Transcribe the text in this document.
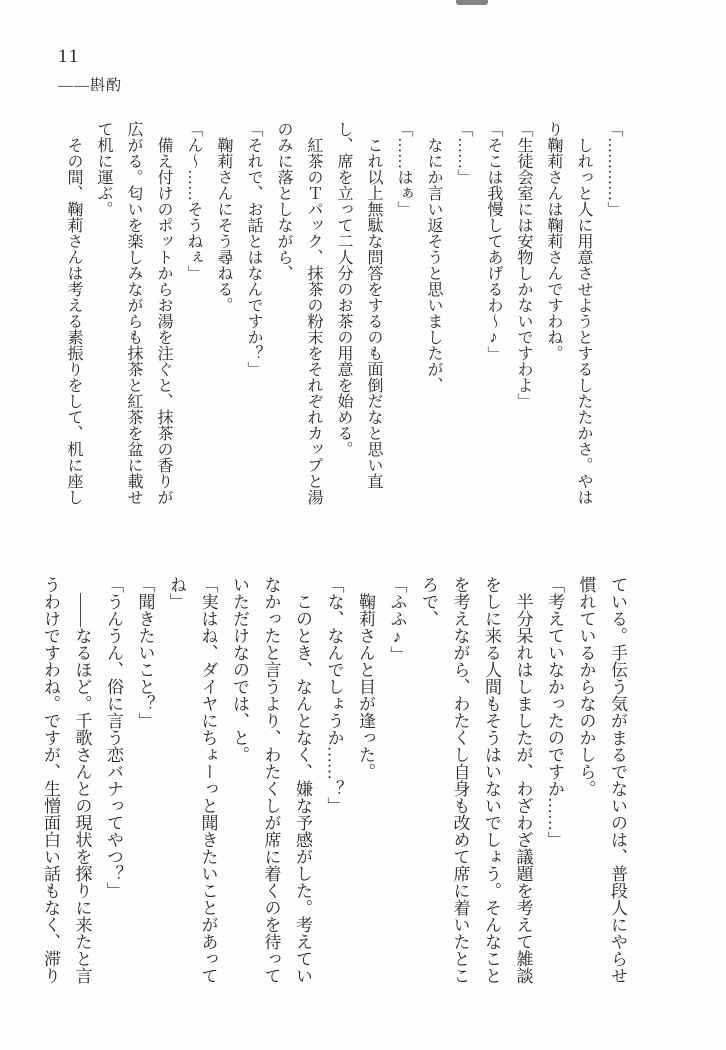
11
――斟酌

「…………」

しれっと人に用意させようとするしたたかさ。やはり鞠莉さんは鞠莉さんですわね。

「生徒会室には安物しかないですわよ」

「そこは我慢してあげるわ～♪」

「……」

なにか言い返そうと思いましたが、

「……はぁ」

これ以上無駄な問答をするのも面倒だなと思い直し、席を立って二人分のお茶の用意を始める。

紅茶のＴパック、抹茶の粉末をそれぞれカップと湯のみに落としながら、

「それで、お話とはなんですか？」

鞠莉さんにそう尋ねる。

「ん～……そうねぇ」

備え付けのポットからお湯を注ぐと、抹茶の香りが広がる。匂いを楽しみながらも抹茶と紅茶を盆に載せて机に運ぶ。

その間、鞠莉さんは考える素振りをして、机に座し

ている。手伝う気がまるでないのは、普段人にやらせ慣れているからなのかしら。

「考えていなかったのですか……」

半分呆れはしましたが、わざわざ議題を考えて雑談をしに来る人間もそうはいないでしょう。そんなことを考えながら、わたくし自身も改めて席に着いたところで、

「ふふ♪」

鞠莉さんと目が逢った。

「な、なんでしょうか……？」

このとき、なんとなく、嫌な予感がした。考えていなかったと言うより、わたくしが席に着くのを待っていただけなのでは、と。

「実はね、ダイヤにちょーっと聞きたいことがあってね」

「聞きたいこと？」

「うんうん、俗に言う恋バナってやつ？」

――なるほど。千歌さんとの現状を探りに来たと言うわけですわね。ですが、生憎面白い話もなく、滞り
